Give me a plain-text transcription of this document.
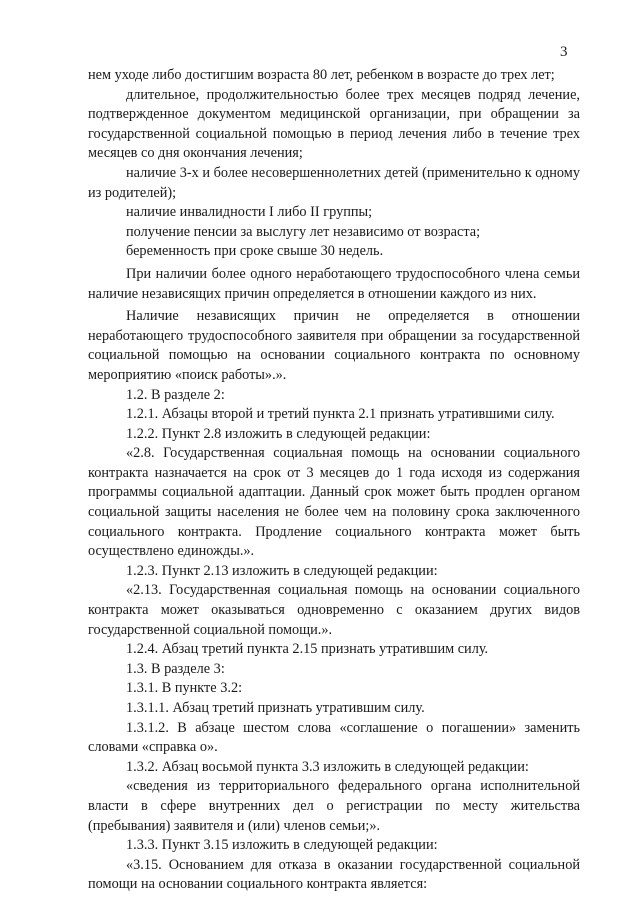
3

нем уходе либо достигшим возраста 80 лет, ребенком в возрасте до трех лет;

длительное, продолжительностью более трех месяцев подряд лечение, подтвержденное документом медицинской организации, при обращении за государственной социальной помощью в период лечения либо в течение трех месяцев со дня окончания лечения;

наличие 3-х и более несовершеннолетних детей (применительно к одному из родителей);

наличие инвалидности I либо II группы;

получение пенсии за выслугу лет независимо от возраста;

беременность при сроке свыше 30 недель.

При наличии более одного неработающего трудоспособного члена семьи наличие независящих причин определяется в отношении каждого из них.

Наличие независящих причин не определяется в отношении неработающего трудоспособного заявителя при обращении за государственной социальной помощью на основании социального контракта по основному мероприятию «поиск работы».».

1.2. В разделе 2:

1.2.1. Абзацы второй и третий пункта 2.1 признать утратившими силу.

1.2.2. Пункт 2.8 изложить в следующей редакции:

«2.8. Государственная социальная помощь на основании социального контракта назначается на срок от 3 месяцев до 1 года исходя из содержания программы социальной адаптации. Данный срок может быть продлен органом социальной защиты населения не более чем на половину срока заключенного социального контракта. Продление социального контракта может быть осуществлено единожды.».

1.2.3. Пункт 2.13 изложить в следующей редакции:

«2.13. Государственная социальная помощь на основании социального контракта может оказываться одновременно с оказанием других видов государственной социальной помощи.».

1.2.4. Абзац третий пункта 2.15 признать утратившим силу.

1.3. В разделе 3:

1.3.1. В пункте 3.2:

1.3.1.1. Абзац третий признать утратившим силу.

1.3.1.2. В абзаце шестом слова «соглашение о погашении» заменить словами «справка о».

1.3.2. Абзац восьмой пункта 3.3 изложить в следующей редакции:

«сведения из территориального федерального органа исполнительной власти в сфере внутренних дел о регистрации по месту жительства (пребывания) заявителя и (или) членов семьи;».

1.3.3. Пункт 3.15 изложить в следующей редакции:

«3.15. Основанием для отказа в оказании государственной социальной помощи на основании социального контракта является:
